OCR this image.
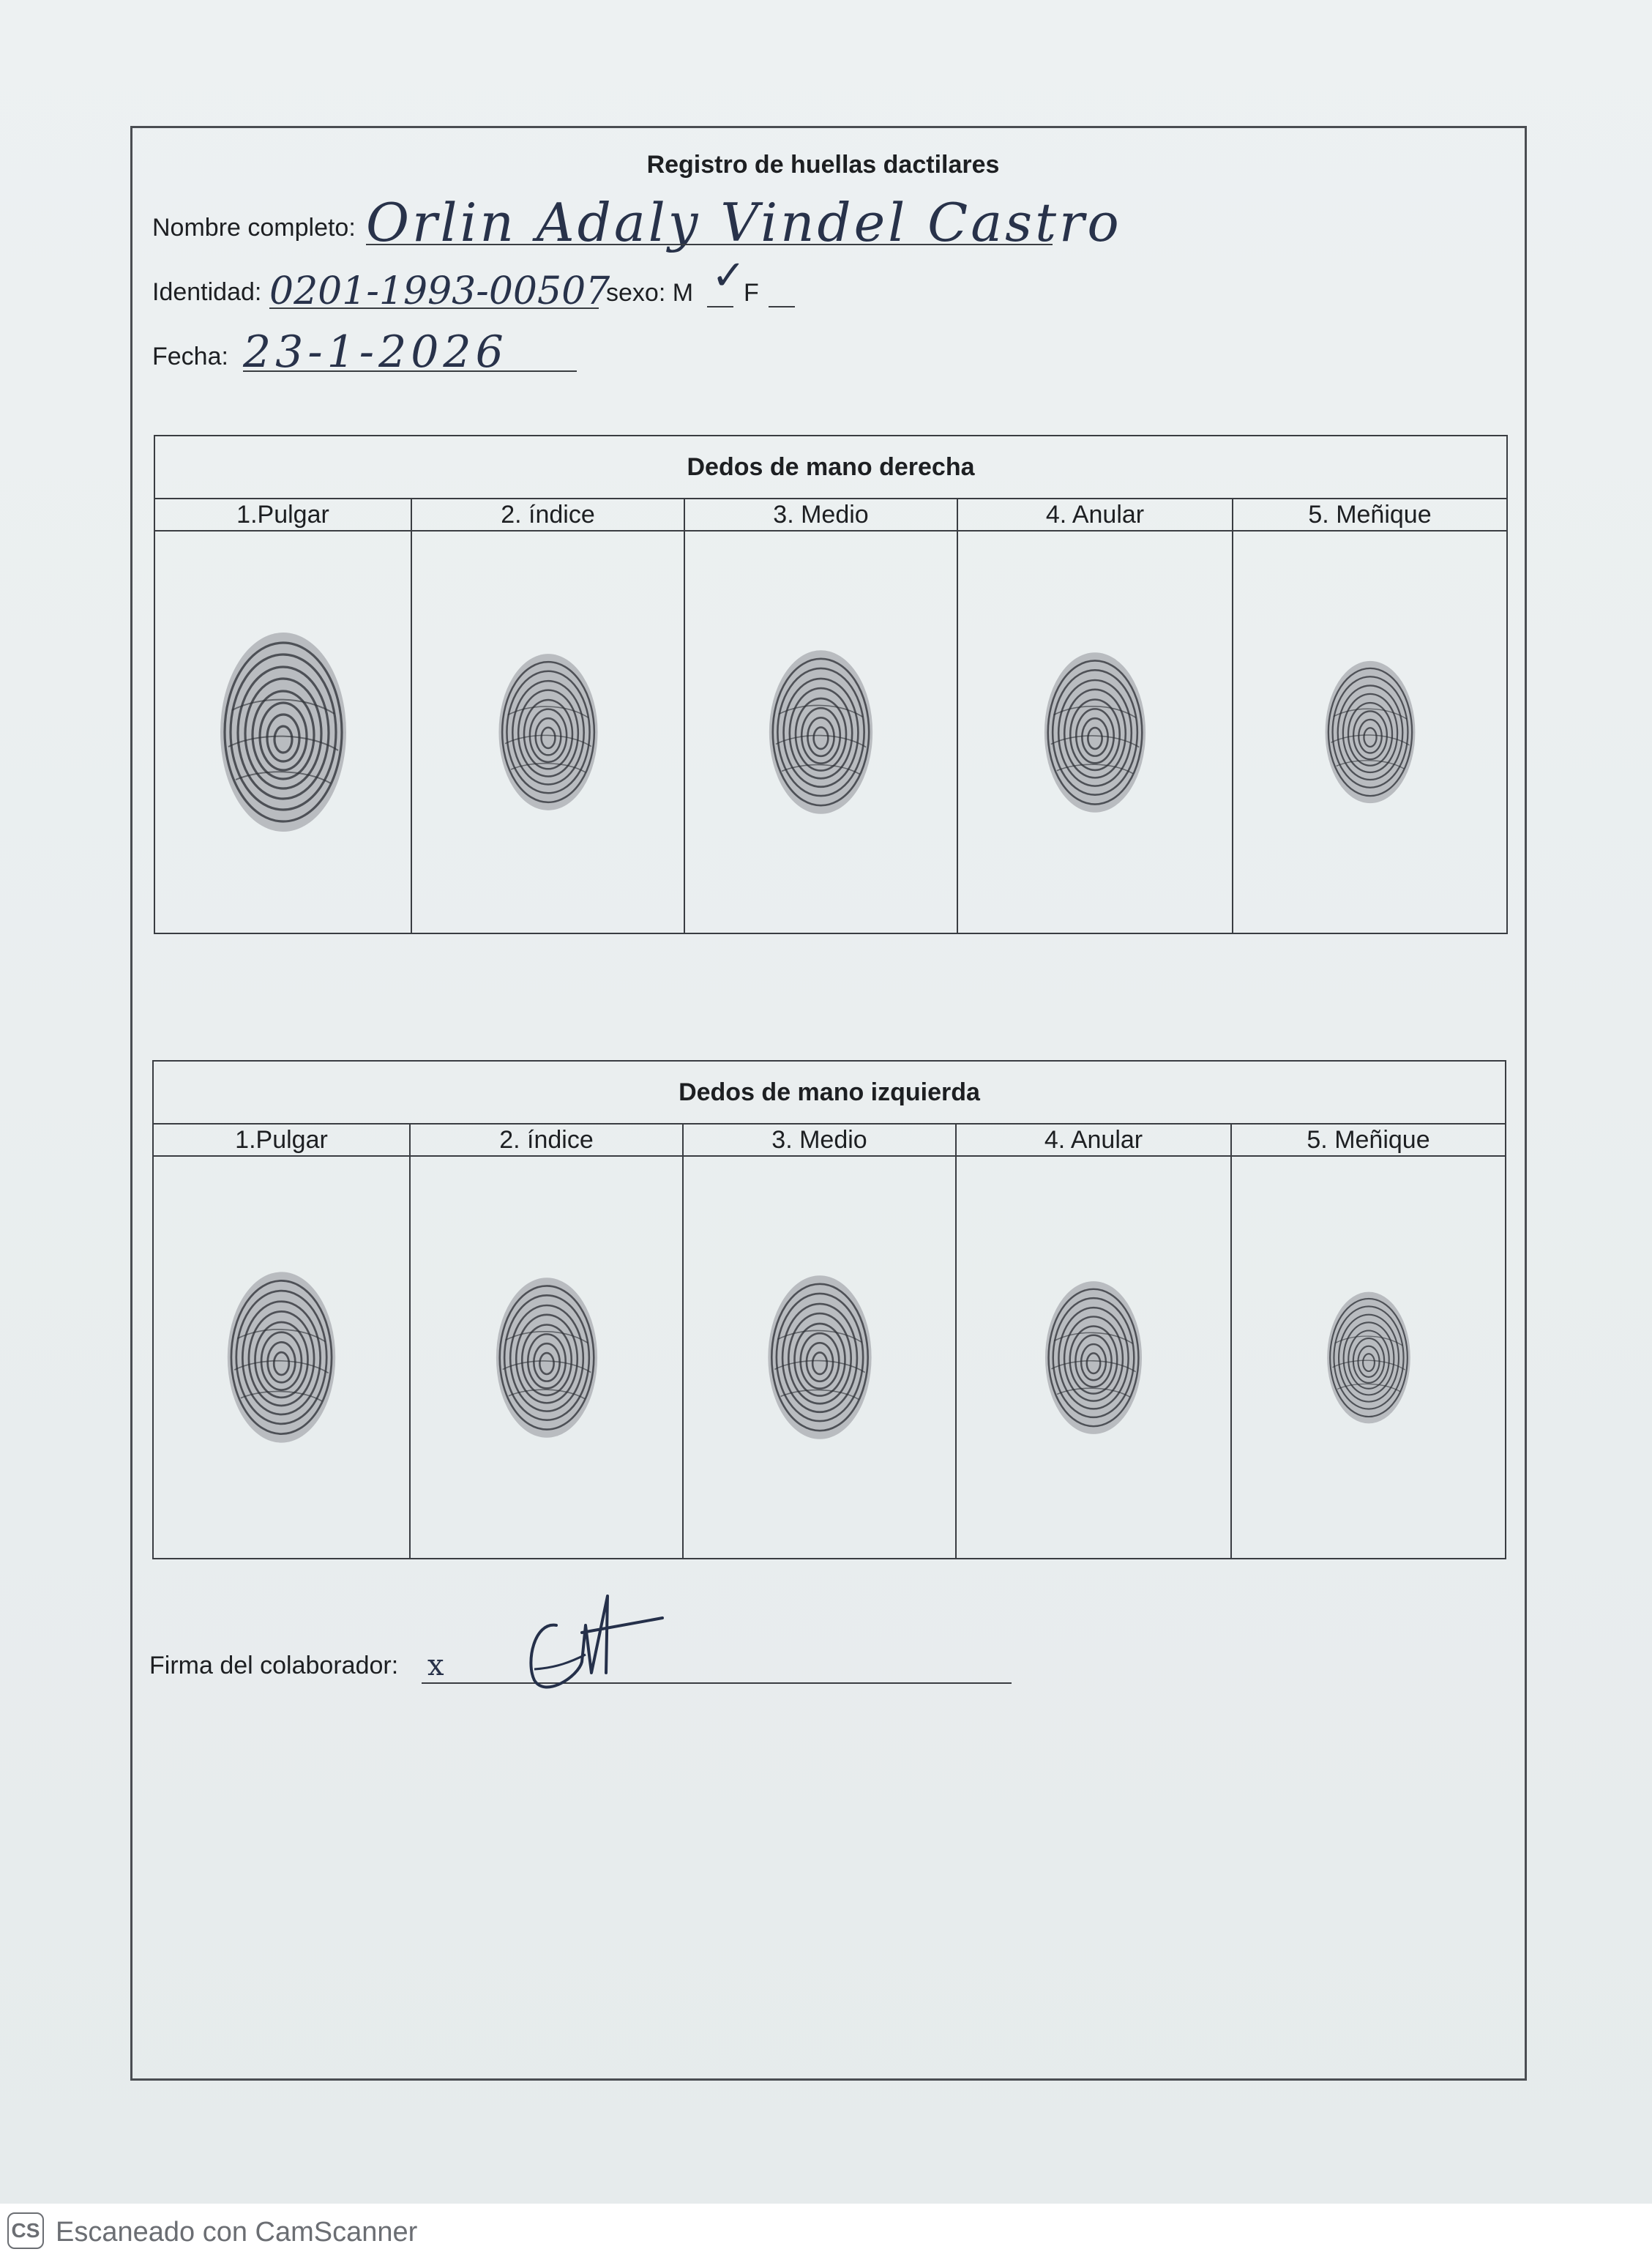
Registro de huellas dactilares
Nombre completo: Orlin Adaly Vindel Castro
Identidad: 0201-1993-00507
sexo: M ✓
F
Fecha: 23-1-2026
Dedos de mano derecha				
1.Pulgar	2. índice	3. Medio	4. Anular	5. Meñique

Dedos de mano izquierda				
1.Pulgar	2. índice	3. Medio	4. Anular	5. Meñique

Firma del colaborador: x
CS Escaneado con CamScanner
